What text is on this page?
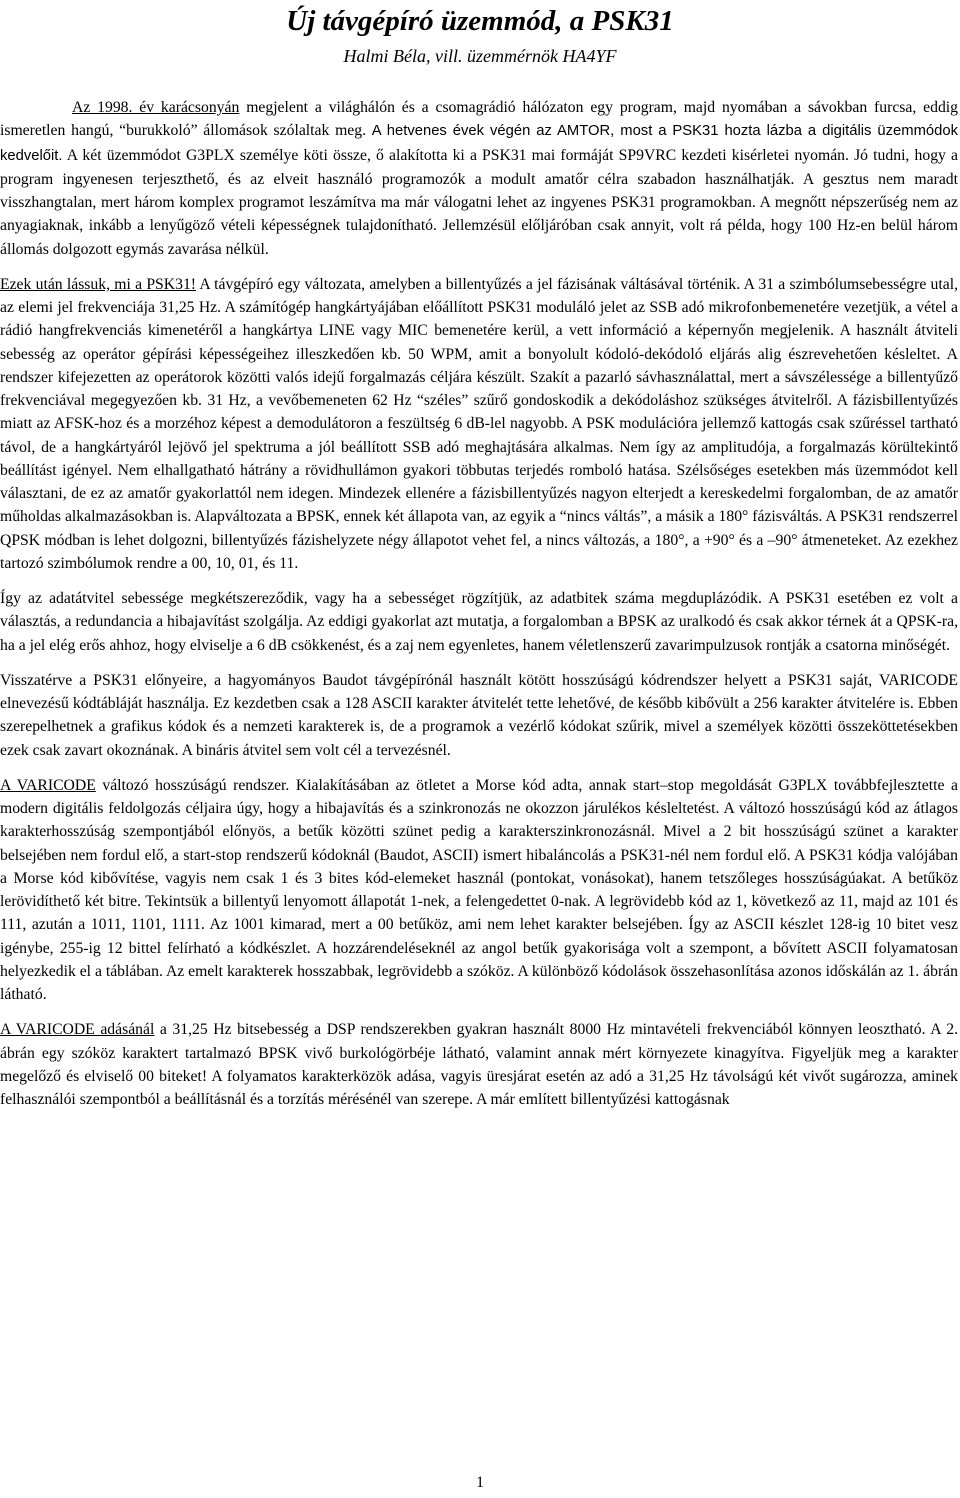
Új távgépíró üzemmód, a PSK31
Halmi Béla, vill. üzemmérnök HA4YF

Az 1998. év karácsonyán megjelent a világhálón és a csomagrádió hálózaton egy program, majd nyomában a sávokban furcsa, eddig ismeretlen hangú, “burukkoló” állomások szólaltak meg. A hetvenes évek végén az AMTOR, most a PSK31 hozta lázba a digitális üzemmódok kedvelőit. A két üzemmódot G3PLX személye köti össze, ő alakította ki a PSK31 mai formáját SP9VRC kezdeti kisérletei nyomán. Jó tudni, hogy a program ingyenesen terjeszthető, és az elveit használó programozók a modult amatőr célra szabadon használhatják. A gesztus nem maradt visszhangtalan, mert három komplex programot leszámítva ma már válogatni lehet az ingyenes PSK31 programokban. A megnőtt népszerűség nem az anyagiaknak, inkább a lenyűgöző vételi képességnek tulajdonítható. Jellemzésül előljáróban csak annyit, volt rá példa, hogy 100 Hz-en belül három állomás dolgozott egymás zavarása nélkül.

Ezek után lássuk, mi a PSK31! A távgépíró egy változata, amelyben a billentyűzés a jel fázisának váltásával történik. A 31 a szimbólumsebességre utal, az elemi jel frekvenciája 31,25 Hz. A számítógép hangkártyájában előállított PSK31 moduláló jelet az SSB adó mikrofonbemenetére vezetjük, a vétel a rádió hangfrekvenciás kimenetéről a hangkártya LINE vagy MIC bemenetére kerül, a vett információ a képernyőn megjelenik. A használt átviteli sebesség az operátor gépírási képességeihez illeszkedően kb. 50 WPM, amit a bonyolult kódoló-dekódoló eljárás alig észrevehetően késleltet. A rendszer kifejezetten az operátorok közötti valós idejű forgalmazás céljára készült. Szakít a pazarló sávhasználattal, mert a sávszélessége a billentyűző frekvenciával megegyezően kb. 31 Hz, a vevőbemeneten 62 Hz “széles” szűrő gondoskodik a dekódoláshoz szükséges átvitelről. A fázisbillentyűzés miatt az AFSK-hoz és a morzéhoz képest a demodulátoron a feszültség 6 dB-lel nagyobb. A PSK modulációra jellemző kattogás csak szűréssel tartható távol, de a hangkártyáról lejövő jel spektruma a jól beállított SSB adó meghajtására alkalmas. Nem így az amplitudója, a forgalmazás körültekintő beállítást igényel. Nem elhallgatható hátrány a rövidhullámon gyakori többutas terjedés romboló hatása. Szélsőséges esetekben más üzemmódot kell választani, de ez az amatőr gyakorlattól nem idegen. Mindezek ellenére a fázisbillentyűzés nagyon elterjedt a kereskedelmi forgalomban, de az amatőr műholdas alkalmazásokban is. Alapváltozata a BPSK, ennek két állapota van, az egyik a “nincs váltás”, a másik a 180° fázisváltás. A PSK31 rendszerrel QPSK módban is lehet dolgozni, billentyűzés fázishelyzete négy állapotot vehet fel, a nincs változás, a 180°, a +90° és a –90° átmeneteket. Az ezekhez tartozó szimbólumok rendre a 00, 10, 01, és 11.

Így az adatátvitel sebessége megkétszereződik, vagy ha a sebességet rögzítjük, az adatbitek száma megduplázódik. A PSK31 esetében ez volt a választás, a redundancia a hibajavítást szolgálja. Az eddigi gyakorlat azt mutatja, a forgalomban a BPSK az uralkodó és csak akkor térnek át a QPSK-ra, ha a jel elég erős ahhoz, hogy elviselje a 6 dB csökkenést, és a zaj nem egyenletes, hanem véletlenszerű zavarimpulzusok rontják a csatorna minőségét.

Visszatérve a PSK31 előnyeire, a hagyományos Baudot távgépírónál használt kötött hosszúságú kódrendszer helyett a PSK31 saját, VARICODE elnevezésű kódtábláját használja. Ez kezdetben csak a 128 ASCII karakter átvitelét tette lehetővé, de később kibővült a 256 karakter átvitelére is. Ebben szerepelhetnek a grafikus kódok és a nemzeti karakterek is, de a programok a vezérlő kódokat szűrik, mivel a személyek közötti összeköttetésekben ezek csak zavart okoznának. A bináris átvitel sem volt cél a tervezésnél.

A VARICODE változó hosszúságú rendszer. Kialakításában az ötletet a Morse kód adta, annak start–stop megoldását G3PLX továbbfejlesztette a modern digitális feldolgozás céljaira úgy, hogy a hibajavítás és a szinkronozás ne okozzon járulékos késleltetést. A változó hosszúságú kód az átlagos karakterhosszúság szempontjából előnyös, a betűk közötti szünet pedig a karakterszinkronozásnál. Mivel a 2 bit hosszúságú szünet a karakter belsejében nem fordul elő, a start-stop rendszerű kódoknál (Baudot, ASCII) ismert hibaláncolás a PSK31-nél nem fordul elő. A PSK31 kódja valójában a Morse kód kibővítése, vagyis nem csak 1 és 3 bites kód-elemeket használ (pontokat, vonásokat), hanem tetszőleges hosszúságúakat. A betűköz lerövidíthető két bitre. Tekintsük a billentyű lenyomott állapotát 1-nek, a felengedettet 0-nak. A legrövidebb kód az 1, következő az 11, majd az 101 és 111, azután a 1011, 1101, 1111. Az 1001 kimarad, mert a 00 betűköz, ami nem lehet karakter belsejében. Így az ASCII készlet 128-ig 10 bitet vesz igénybe, 255-ig 12 bittel felírható a kódkészlet. A hozzárendeléseknél az angol betűk gyakorisága volt a szempont, a bővített ASCII folyamatosan helyezkedik el a táblában. Az emelt karakterek hosszabbak, legrövidebb a szóköz. A különböző kódolások összehasonlítása azonos időskálán az 1. ábrán látható.

A VARICODE adásánál a 31,25 Hz bitsebesség a DSP rendszerekben gyakran használt 8000 Hz mintavételi frekvenciából könnyen leosztható. A 2. ábrán egy szóköz karaktert tartalmazó BPSK vivő burkológörbéje látható, valamint annak mért környezete kinagyítva. Figyeljük meg a karakter megelőző és elviselő 00 biteket! A folyamatos karakterközök adása, vagyis üresjárat esetén az adó a 31,25 Hz távolságú két vivőt sugározza, aminek felhasználói szempontból a beállításnál és a torzítás mérésénél van szerepe. A már említett billentyűzési kattogásnak

1
